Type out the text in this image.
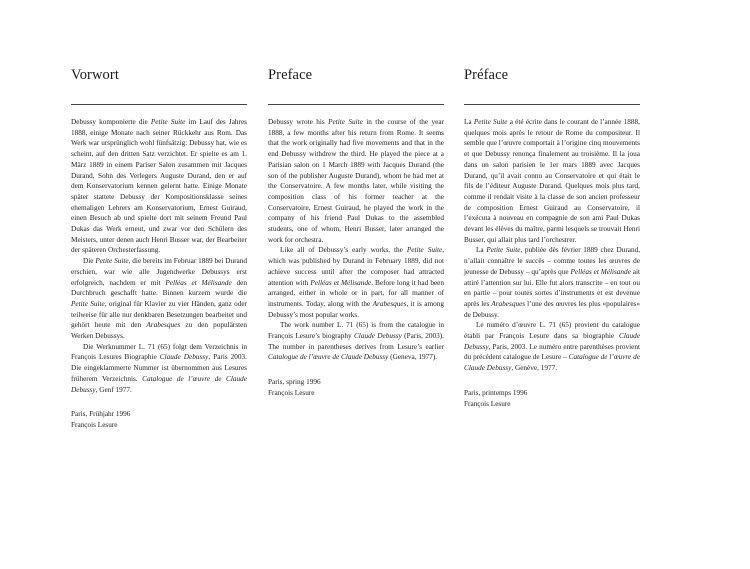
Vorwort

Debussy komponierte die Petite Suite im Lauf des Jahres 1888, einige Monate nach seiner Rückkehr aus Rom. Das Werk war ursprünglich wohl fünfsätzig: Debussy hat, wie es scheint, auf den dritten Satz verzichtet. Er spielte es am 1. März 1889 in einem Pariser Salon zusammen mit Jacques Durand, Sohn des Verlegers Auguste Durand, den er auf dem Konservatorium kennen gelernt hatte. Einige Monate später stattete Debussy der Kompositionsklasse seines ehemaligen Lehrers am Konservatorium, Ernest Guiraud, einen Besuch ab und spielte dort mit seinem Freund Paul Dukas das Werk erneut, und zwar vor den Schülern des Meisters, unter denen auch Henri Busser war, der Bearbeiter der späteren Orchesterfassung.

Die Petite Suite, die bereits im Februar 1889 bei Durand erschien, war wie alle Jugendwerke Debussys erst erfolgreich, nachdem er mit Pelléas et Mélisande den Durchbruch geschafft hatte. Binnen kurzem wurde die Petite Suite, original für Klavier zu vier Händen, ganz oder teilweise für alle nur denkbaren Besetzungen bearbeitet und gehört heute mit den Arabesques zu den populärsten Werken Debussys.

Die Werknummer L. 71 (65) folgt dem Verzeichnis in François Lesures Biographie Claude Debussy, Paris 2003. Die eingeklammerte Nummer ist übernommen aus Lesures früherem Verzeichnis. Catalogue de l’œuvre de Claude Debussy, Genf 1977.

Paris, Frühjahr 1996

François Lesure

Preface

Debussy wrote his Petite Suite in the course of the year 1888, a few months after his return from Rome. It seems that the work originally had five movements and that in the end Debussy withdrew the third. He played the piece at a Parisian salon on 1 March 1889 with Jacques Durand (the son of the publisher Auguste Durand), whom he had met at the Conservatoire. A few months later, while visiting the composition class of his former teacher at the Conservatoire, Ernest Guiraud, he played the work in the company of his friend Paul Dukas to the assembled students, one of whom, Henri Busser, later arranged the work for orchestra.

Like all of Debussy’s early works, the Petite Suite, which was published by Durand in February 1889, did not achieve success until after the composer had attracted attention with Pelléas et Mélisande. Before long it had been arranged, either in whole or in part, for all manner of instruments. Today, along with the Arabesques, it is among Debussy’s most popular works.

The work number L. 71 (65) is from the catalogue in François Lesure’s biography Claude Debussy (Paris, 2003). The number in parentheses derives from Lesure’s earlier Catalogue de l’œuvre de Claude Debussy (Geneva, 1977).

Paris, spring 1996

François Lesure

Préface

La Petite Suite a été écrite dans le courant de l’année 1888, quelques mois après le retour de Rome du compositeur. Il semble que l’œuvre comportait à l’origine cinq mouvements et que Debussy renonça finalement au troisième. Il la joua dans un salon parisien le 1er mars 1889 avec Jacques Durand, qu’il avait connu au Conservatoire et qui était le fils de l’éditeur Auguste Durand. Quelques mois plus tard, comme il rendait visite à la classe de son ancien professeur de composition Ernest Guiraud au Conservatoire, il l’exécuta à nouveau en compagnie de son ami Paul Dukas devant les élèves du maître, parmi lesquels se trouvait Henri Busser, qui allait plus tard l’orchestrer.

La Petite Suite, publiée dès février 1889 chez Durand, n’allait connaître le succès – comme toutes les œuvres de jeunesse de Debussy – qu’après que Pelléas et Mélisande ait attiré l’attention sur lui. Elle fut alors transcrite – en tout ou en partie – pour toutes sortes d’instruments et est devenue après les Arabesques l’une des œuvres les plus «populaires» de Debussy.

Le numéro d’œuvre L. 71 (65) provient du catalogue établi par François Lesure dans sa biographie Claude Debussy, Paris, 2003. Le numéro entre parenthèses provient du précédent catalogue de Lesure – Catalogue de l’œuvre de Claude Debussy, Genève, 1977.

Paris, printemps 1996

François Lesure
